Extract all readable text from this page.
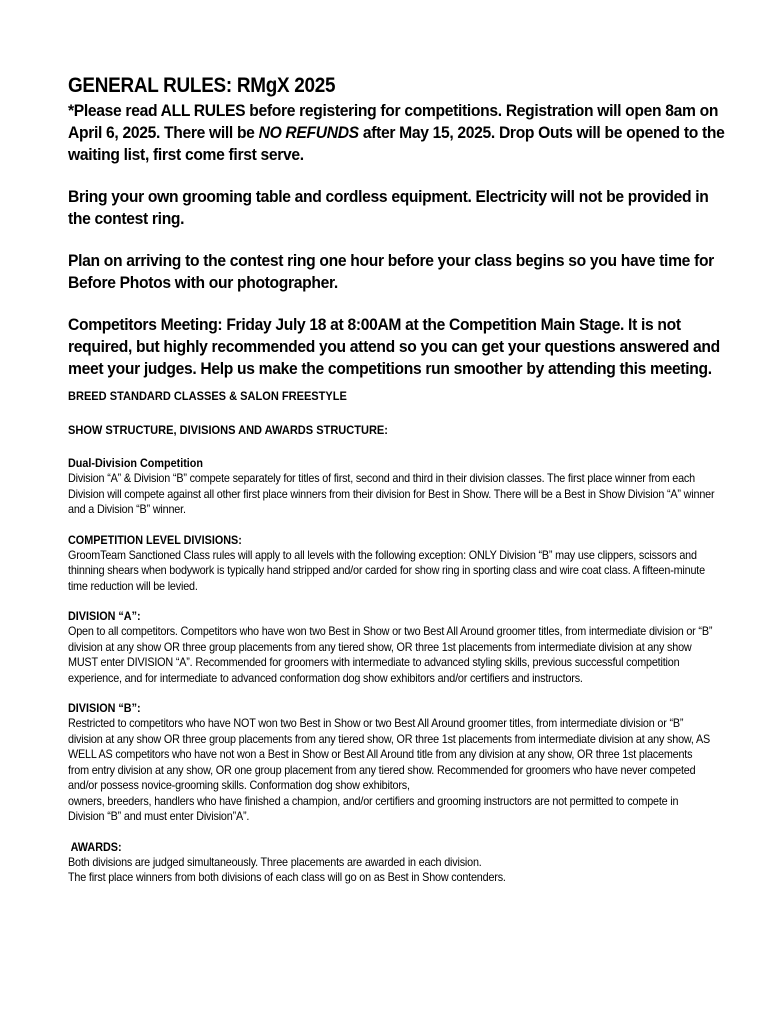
GENERAL RULES: RMgX 2025

*Please read ALL RULES before registering for competitions. Registration will open 8am on April 6, 2025. There will be NO REFUNDS after May 15, 2025. Drop Outs will be opened to the waiting list, first come first serve.

Bring your own grooming table and cordless equipment. Electricity will not be provided in the contest ring.

Plan on arriving to the contest ring one hour before your class begins so you have time for Before Photos with our photographer.

Competitors Meeting: Friday July 18 at 8:00AM at the Competition Main Stage. It is not required, but highly recommended you attend so you can get your questions answered and meet your judges. Help us make the competitions run smoother by attending this meeting.

BREED STANDARD CLASSES & SALON FREESTYLE
SHOW STRUCTURE, DIVISIONS AND AWARDS STRUCTURE:
Dual-Division Competition

Division “A” & Division “B” compete separately for titles of first, second and third in their division classes. The first place winner from each Division will compete against all other first place winners from their division for Best in Show. There will be a Best in Show Division “A” winner and a Division “B” winner.

COMPETITION LEVEL DIVISIONS:

GroomTeam Sanctioned Class rules will apply to all levels with the following exception: ONLY Division “B” may use clippers, scissors and thinning shears when bodywork is typically hand stripped and/or carded for show ring in sporting class and wire coat class. A fifteen-minute time reduction will be levied.

DIVISION “A”:

Open to all competitors. Competitors who have won two Best in Show or two Best All Around groomer titles, from intermediate division or “B” division at any show OR three group placements from any tiered show, OR three 1st placements from intermediate division at any show MUST enter DIVISION “A”. Recommended for groomers with intermediate to advanced styling skills, previous successful competition experience, and for intermediate to advanced conformation dog show exhibitors and/or certifiers and instructors.

DIVISION “B”:

Restricted to competitors who have NOT won two Best in Show or two Best All Around groomer titles, from intermediate division or “B” division at any show OR three group placements from any tiered show, OR three 1st placements from intermediate division at any show, AS WELL AS competitors who have not won a Best in Show or Best All Around title from any division at any show, OR three 1st placements from entry division at any show, OR one group placement from any tiered show. Recommended for groomers who have never competed and/or possess novice-grooming skills. Conformation dog show exhibitors,

owners, breeders, handlers who have finished a champion, and/or certifiers and grooming instructors are not permitted to compete in Division “B” and must enter Division”A”.

AWARDS:

Both divisions are judged simultaneously. Three placements are awarded in each division.

The first place winners from both divisions of each class will go on as Best in Show contenders.
